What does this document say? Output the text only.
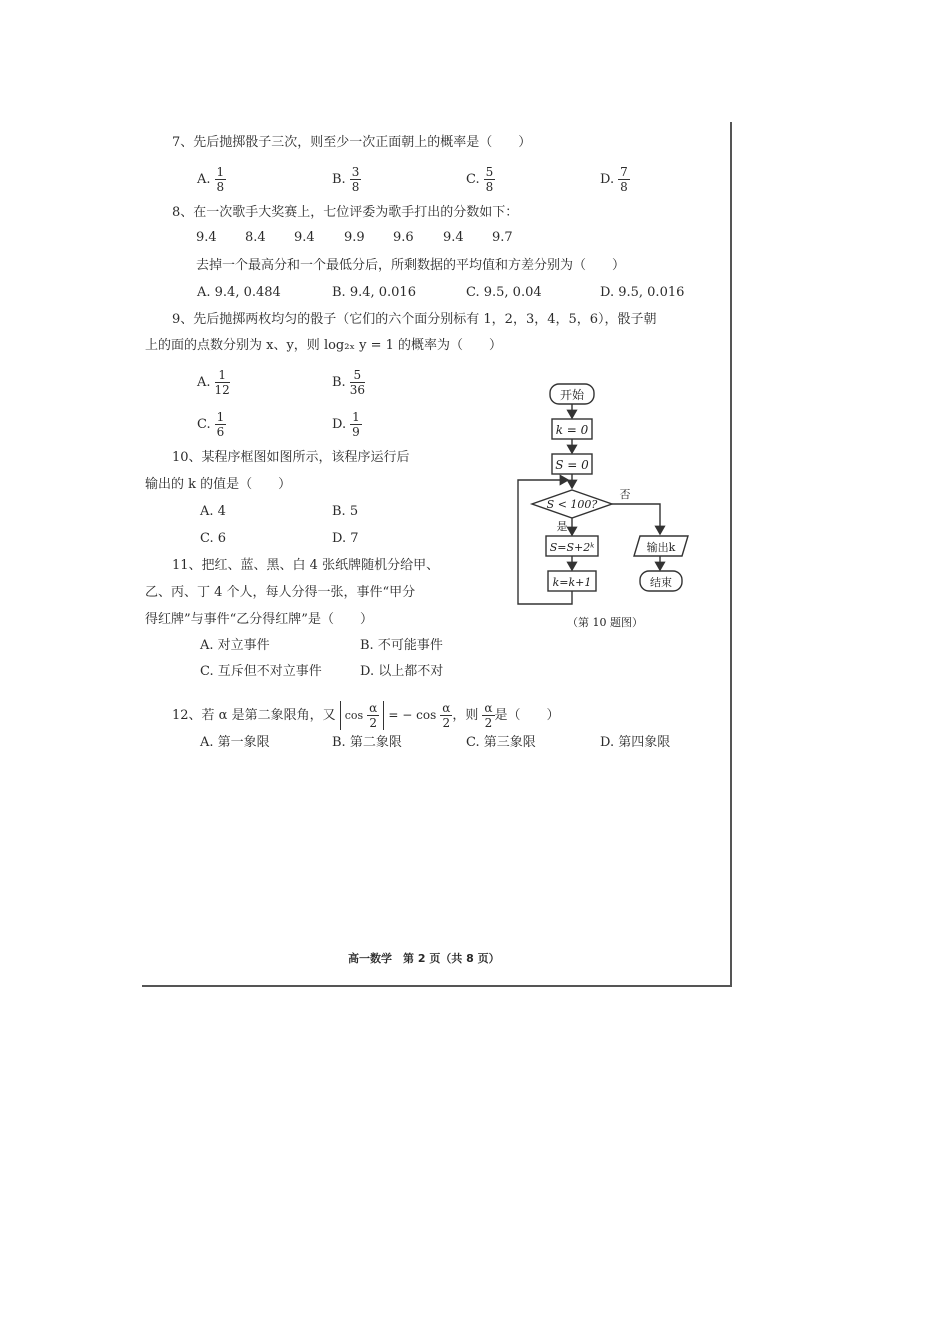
7、先后抛掷骰子三次，则至少一次正面朝上的概率是（　　）
A. $\frac{1}{8}$	B. $\frac{3}{8}$	C. $\frac{5}{8}$	D. $\frac{7}{8}$
8、在一次歌手大奖赛上，七位评委为歌手打出的分数如下：
9.4 8.4 9.4 9.9 9.6 9.4 9.7
去掉一个最高分和一个最低分后，所剩数据的平均值和方差分别为（　　）
A. 9.4, 0.484	B. 9.4, 0.016	C. 9.5, 0.04	D. 9.5, 0.016
9、先后抛掷两枚均匀的骰子（它们的六个面分别标有 1，2，3，4，5，6），骰子朝
上的面的点数分别为 x、y，则 log₂ₓ y = 1 的概率为（　　）
A. $\frac{1}{12}$	B. $\frac{5}{36}$
C. $\frac{1}{6}$	D. $\frac{1}{9}$
10、某程序框图如图所示，该程序运行后
输出的 k 的值是（　　）
A. 4	B. 5
C. 6	D. 7
11、把红、蓝、黑、白 4 张纸牌随机分给甲、
乙、丙、丁 4 个人，每人分得一张，事件“甲分
得红牌”与事件“乙分得红牌”是（　　）
A. 对立事件	B. 不可能事件
C. 互斥但不对立事件	D. 以上都不对
12、若 α 是第二象限角，又 $\cos \frac{\alpha}{2}$ = − $\cos \frac{\alpha}{2}$ ，则 $\frac{\alpha}{2}$ 是（　　）
A. 第一象限	B. 第二象限	C. 第三象限	D. 第四象限
开始
k = 0
S = 0
S < 100?
否
是
S=S+2ᵏ
k=k+1
输出k
结束
（第 10 题图）
高一数学　第 2 页（共 8 页）
